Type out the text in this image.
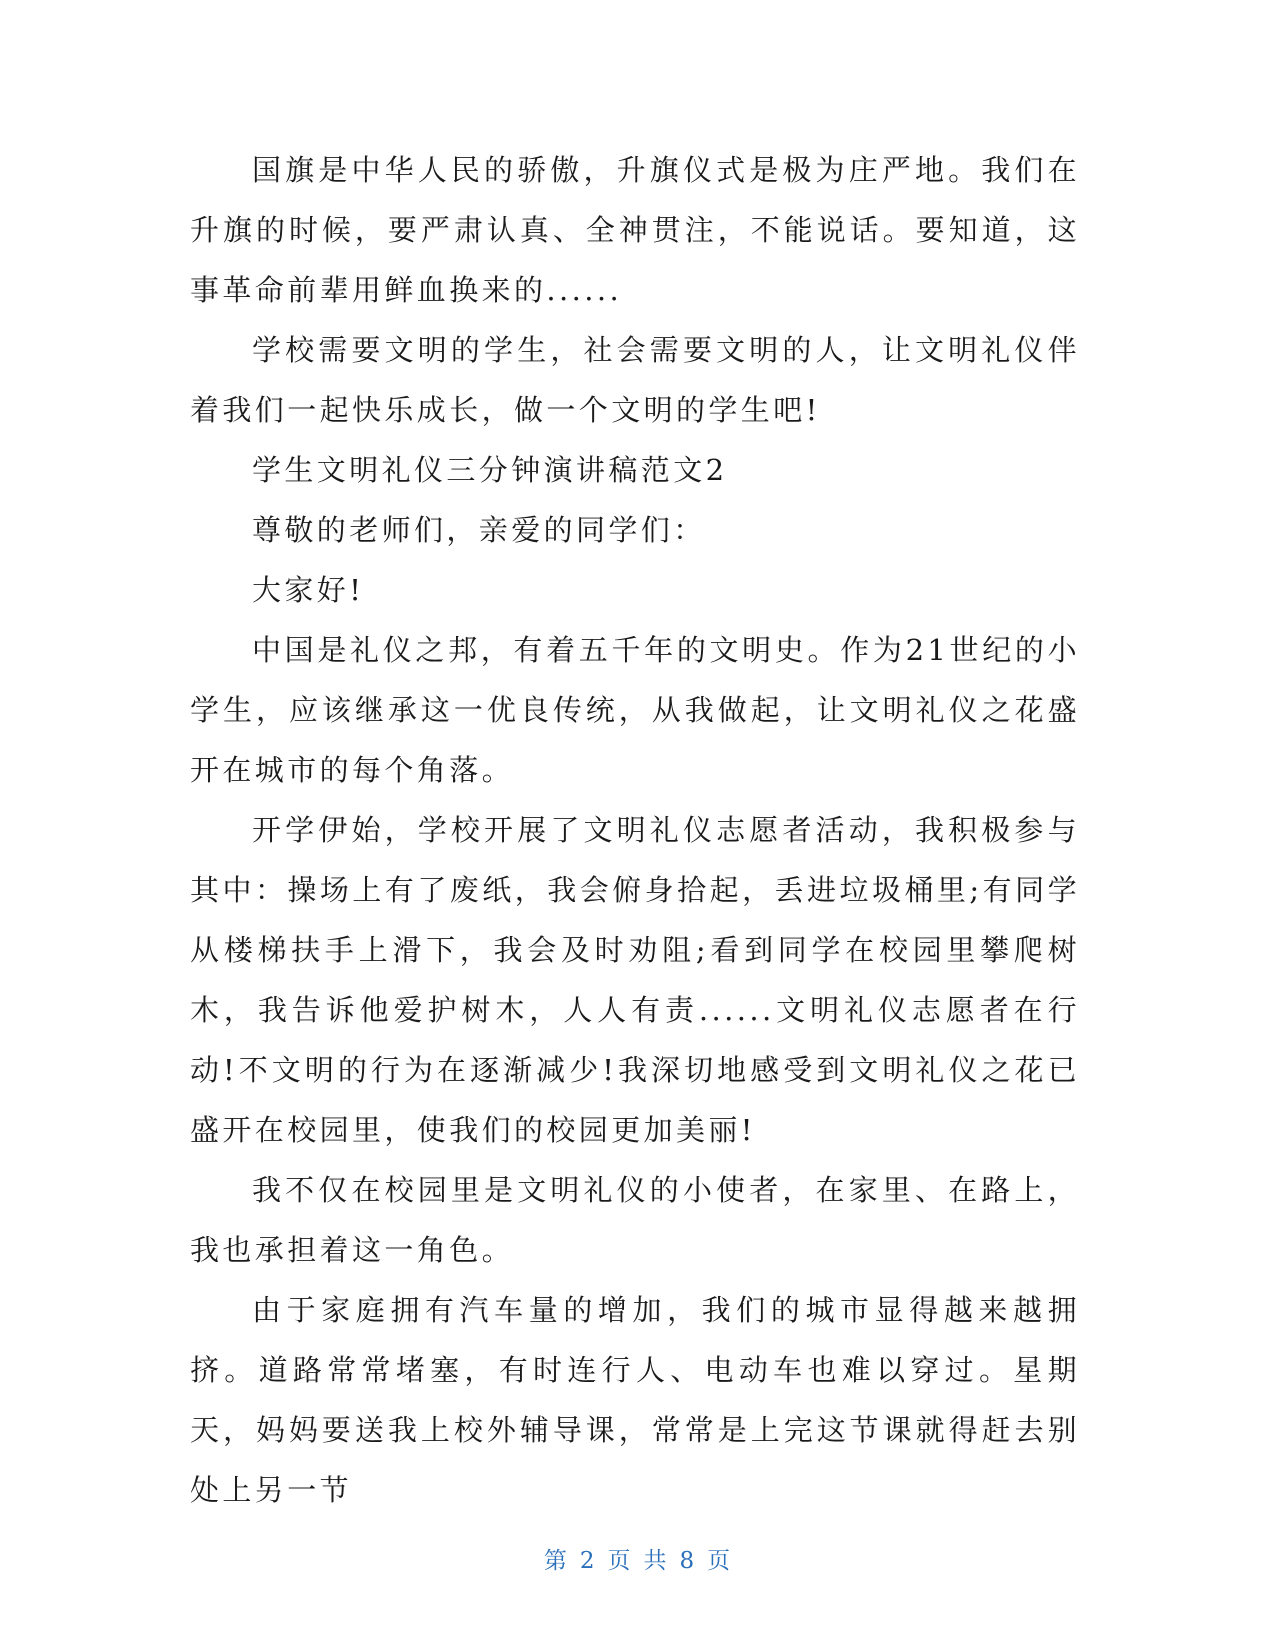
国旗是中华人民的骄傲，升旗仪式是极为庄严地。我们在升旗的时候，要严肃认真、全神贯注，不能说话。要知道，这事革命前辈用鲜血换来的......

学校需要文明的学生，社会需要文明的人，让文明礼仪伴着我们一起快乐成长，做一个文明的学生吧!

学生文明礼仪三分钟演讲稿范文2

尊敬的老师们，亲爱的同学们：

大家好!

中国是礼仪之邦，有着五千年的文明史。作为21世纪的小学生，应该继承这一优良传统，从我做起，让文明礼仪之花盛开在城市的每个角落。

开学伊始，学校开展了文明礼仪志愿者活动，我积极参与其中：操场上有了废纸，我会俯身拾起，丢进垃圾桶里;有同学从楼梯扶手上滑下，我会及时劝阻;看到同学在校园里攀爬树木，我告诉他爱护树木，人人有责......文明礼仪志愿者在行动!不文明的行为在逐渐减少!我深切地感受到文明礼仪之花已盛开在校园里，使我们的校园更加美丽!

我不仅在校园里是文明礼仪的小使者，在家里、在路上，我也承担着这一角色。

由于家庭拥有汽车量的增加，我们的城市显得越来越拥挤。道路常常堵塞，有时连行人、电动车也难以穿过。星期天，妈妈要送我上校外辅导课，常常是上完这节课就得赶去别处上另一节

第 2 页 共 8 页
